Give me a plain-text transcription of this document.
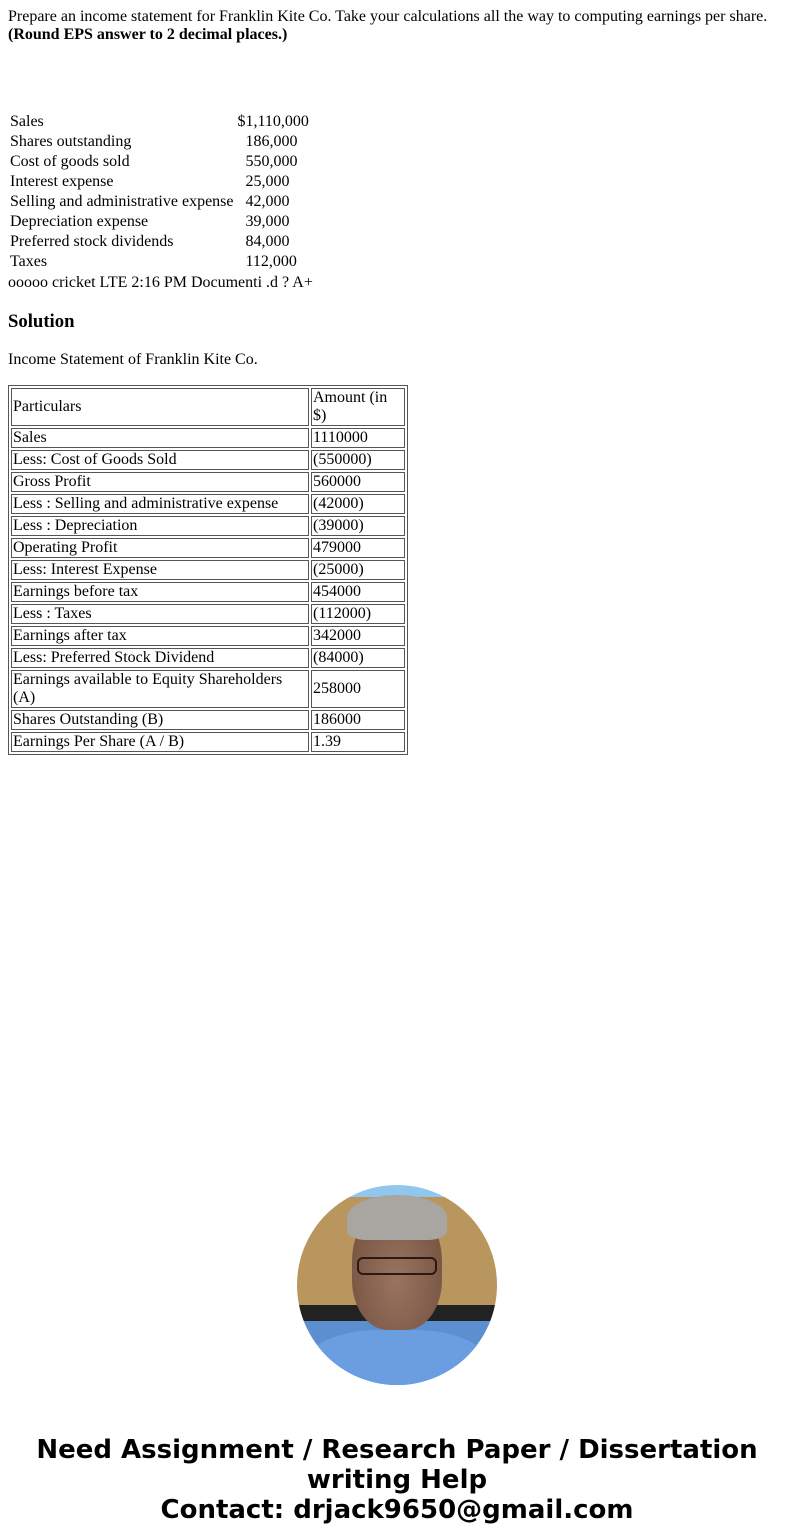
Prepare an income statement for Franklin Kite Co. Take your calculations all the way to computing earnings per share.
(Round EPS answer to 2 decimal places.)

Sales	$1,110,000
Shares outstanding	186,000
Cost of goods sold	550,000
Interest expense	25,000
Selling and administrative expense	42,000
Depreciation expense	39,000
Preferred stock dividends	84,000
Taxes	112,000

ooooo cricket LTE 2:16 PM Documenti .d ? A+

Solution

Income Statement of Franklin Kite Co.

Particulars	Amount (in $)
Sales	1110000
Less: Cost of Goods Sold	(550000)
Gross Profit	560000
Less : Selling and administrative expense	(42000)
Less : Depreciation	(39000)
Operating Profit	479000
Less: Interest Expense	(25000)
Earnings before tax	454000
Less : Taxes	(112000)
Earnings after tax	342000
Less: Preferred Stock Dividend	(84000)
Earnings available to Equity Shareholders (A)	258000
Shares Outstanding (B)	186000
Earnings Per Share (A / B)	1.39
Need Assignment / Research Paper / Dissertation
writing Help
Contact: drjack9650@gmail.com
